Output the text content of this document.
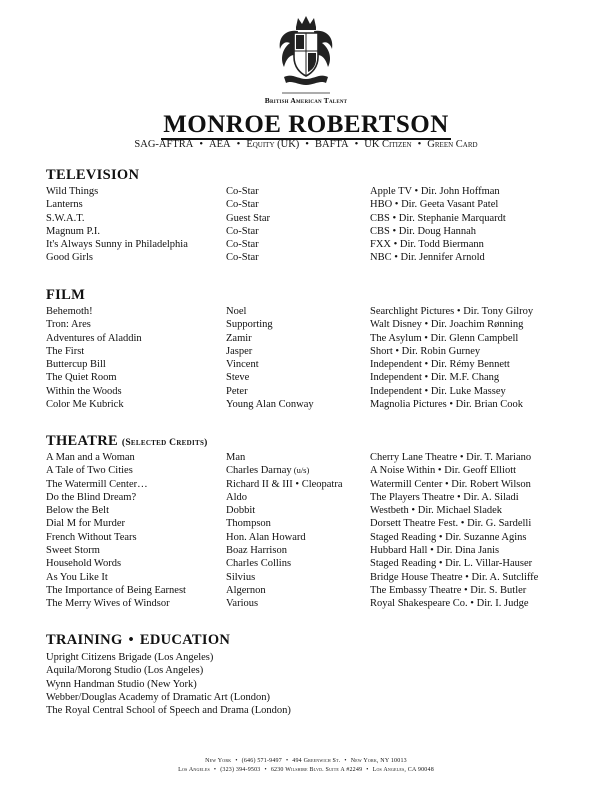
British American Talent
MONROE ROBERTSON
SAG-AFTRA • AEA • Equity (UK) • BAFTA • UK Citizen • Green Card
TELEVISION
Wild Things	Co-Star	Apple TV • Dir. John Hoffman
Lanterns	Co-Star	HBO • Dir. Geeta Vasant Patel
S.W.A.T.	Guest Star	CBS • Dir. Stephanie Marquardt
Magnum P.I.	Co-Star	CBS • Dir. Doug Hannah
It's Always Sunny in Philadelphia	Co-Star	FXX • Dir. Todd Biermann
Good Girls	Co-Star	NBC • Dir. Jennifer Arnold
FILM
Behemoth!	Noel	Searchlight Pictures • Dir. Tony Gilroy
Tron: Ares	Supporting	Walt Disney • Dir. Joachim Rønning
Adventures of Aladdin	Zamir	The Asylum • Dir. Glenn Campbell
The First	Jasper	Short • Dir. Robin Gurney
Buttercup Bill	Vincent	Independent • Dir. Rémy Bennett
The Quiet Room	Steve	Independent • Dir. M.F. Chang
Within the Woods	Peter	Independent • Dir. Luke Massey
Color Me Kubrick	Young Alan Conway	Magnolia Pictures • Dir. Brian Cook
THEATRE (Selected Credits)
A Man and a Woman	Man	Cherry Lane Theatre • Dir. T. Mariano
A Tale of Two Cities	Charles Darnay (u/s)	A Noise Within • Dir. Geoff Elliott
The Watermill Center…	Richard II & III • Cleopatra	Watermill Center • Dir. Robert Wilson
Do the Blind Dream?	Aldo	The Players Theatre • Dir. A. Siladi
Below the Belt	Dobbit	Westbeth • Dir. Michael Sladek
Dial M for Murder	Thompson	Dorsett Theatre Fest. • Dir. G. Sardelli
French Without Tears	Hon. Alan Howard	Staged Reading • Dir. Suzanne Agins
Sweet Storm	Boaz Harrison	Hubbard Hall • Dir. Dina Janis
Household Words	Charles Collins	Staged Reading • Dir. L. Villar-Hauser
As You Like It	Silvius	Bridge House Theatre • Dir. A. Sutcliffe
The Importance of Being Earnest	Algernon	The Embassy Theatre • Dir. S. Butler
The Merry Wives of Windsor	Various	Royal Shakespeare Co. • Dir. I. Judge
TRAINING • EDUCATION
Upright Citizens Brigade (Los Angeles)
Aquila/Morong Studio (Los Angeles)
Wynn Handman Studio (New York)
Webber/Douglas Academy of Dramatic Art (London)
The Royal Central School of Speech and Drama (London)
New York • (646) 571-9497 • 494 Greenwich St. • New York, NY 10013
Los Angeles • (323) 394-9503 • 6230 Wilshire Blvd. Suite A #2249 • Los Angeles, CA 90048
